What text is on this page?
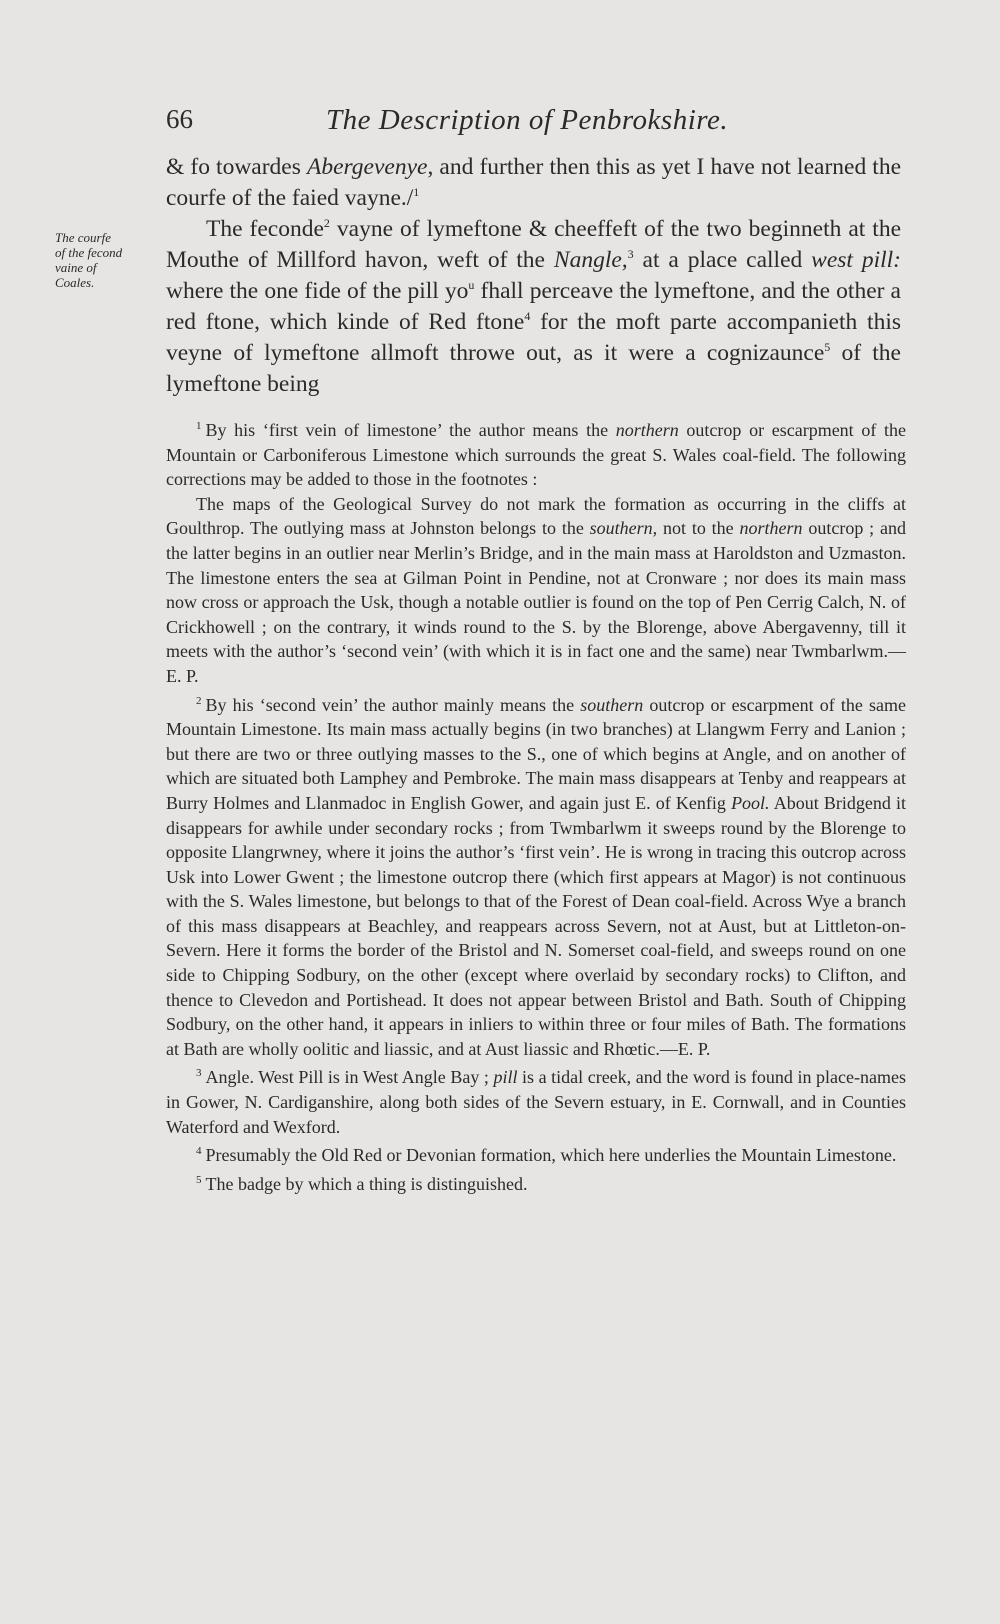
66	The Description of Penbrokshire.
The courfe
of the fecond
vaine of
Coales.

& fo towardes Abergevenye, and further then this as yet I have not learned the courfe of the faied vayne./$^1$

The feconde$^2$ vayne of lymeftone & cheeffeft of the two beginneth at the Mouthe of Millford havon, weft of the Nangle,$^3$ at a place called west pill: where the one fide of the pill $yo^u$ fhall perceave the lymeftone, and the other a red ftone, which kinde of Red ftone$^4$ for the moft parte accompanieth this veyne of lymeftone allmoft throwe out, as it were a cognizaunce$^5$ of the lymeftone being

$^1$ By his ‘first vein of limestone’ the author means the northern outcrop or escarpment of the Mountain or Carboniferous Limestone which surrounds the great S. Wales coal-field. The following corrections may be added to those in the footnotes :

The maps of the Geological Survey do not mark the formation as occurring in the cliffs at Goulthrop. The outlying mass at Johnston belongs to the southern, not to the northern outcrop ; and the latter begins in an outlier near Merlin’s Bridge, and in the main mass at Haroldston and Uzmaston. The limestone enters the sea at Gilman Point in Pendine, not at Cronware ; nor does its main mass now cross or approach the Usk, though a notable outlier is found on the top of Pen Cerrig Calch, N. of Crickhowell ; on the contrary, it winds round to the S. by the Blorenge, above Abergavenny, till it meets with the author’s ‘second vein’ (with which it is in fact one and the same) near Twmbarlwm.—E. P.

$^2$ By his ‘second vein’ the author mainly means the southern outcrop or escarpment of the same Mountain Limestone. Its main mass actually begins (in two branches) at Llangwm Ferry and Lanion ; but there are two or three outlying masses to the S., one of which begins at Angle, and on another of which are situated both Lamphey and Pembroke. The main mass disappears at Tenby and reappears at Burry Holmes and Llanmadoc in English Gower, and again just E. of Kenfig Pool. About Bridgend it disappears for awhile under secondary rocks ; from Twmbarlwm it sweeps round by the Blorenge to opposite Llangrwney, where it joins the author’s ‘first vein’. He is wrong in tracing this outcrop across Usk into Lower Gwent ; the limestone outcrop there (which first appears at Magor) is not continuous with the S. Wales limestone, but belongs to that of the Forest of Dean coal-field. Across Wye a branch of this mass disappears at Beachley, and reappears across Severn, not at Aust, but at Littleton-on-Severn. Here it forms the border of the Bristol and N. Somerset coal-field, and sweeps round on one side to Chipping Sodbury, on the other (except where overlaid by secondary rocks) to Clifton, and thence to Clevedon and Portishead. It does not appear between Bristol and Bath. South of Chipping Sodbury, on the other hand, it appears in inliers to within three or four miles of Bath. The formations at Bath are wholly oolitic and liassic, and at Aust liassic and Rhœtic.—E. P.

$^3$ Angle. West Pill is in West Angle Bay ; pill is a tidal creek, and the word is found in place-names in Gower, N. Cardiganshire, along both sides of the Severn estuary, in E. Cornwall, and in Counties Waterford and Wexford.

$^4$ Presumably the Old Red or Devonian formation, which here underlies the Mountain Limestone.

$^5$ The badge by which a thing is distinguished.
